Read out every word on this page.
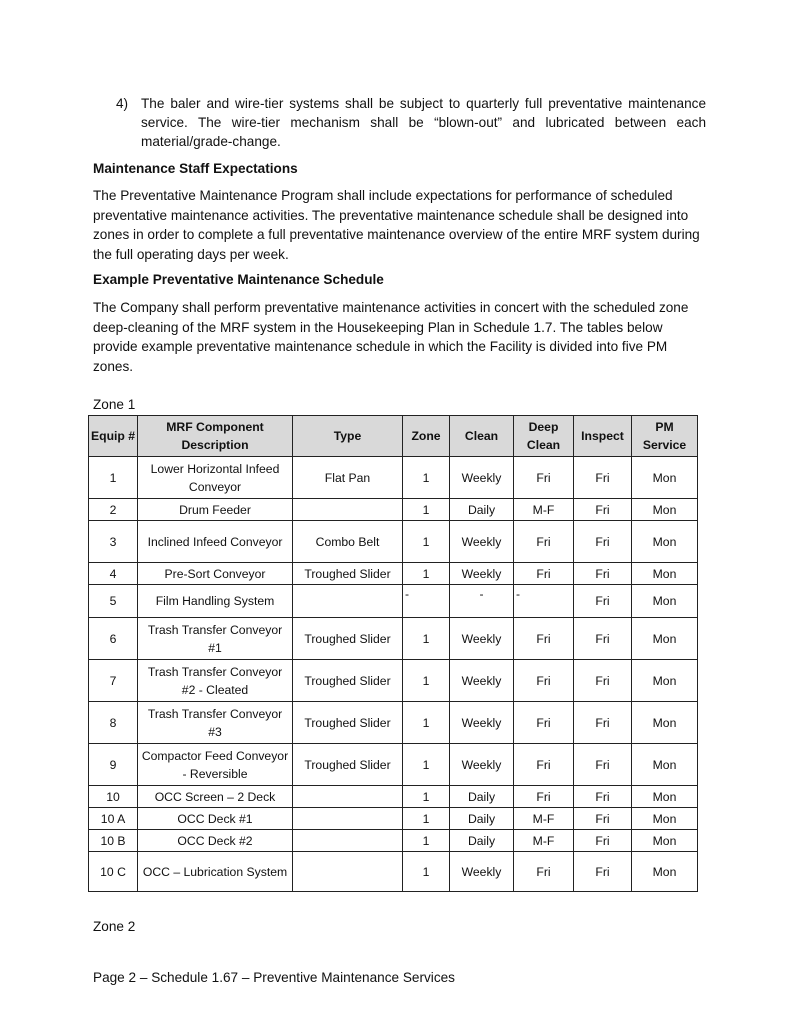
4) The baler and wire-tier systems shall be subject to quarterly full preventative maintenance service. The wire-tier mechanism shall be “blown-out” and lubricated between each material/grade-change.
Maintenance Staff Expectations
The Preventative Maintenance Program shall include expectations for performance of scheduled preventative maintenance activities. The preventative maintenance schedule shall be designed into zones in order to complete a full preventative maintenance overview of the entire MRF system during the full operating days per week.
Example Preventative Maintenance Schedule
The Company shall perform preventative maintenance activities in concert with the scheduled zone deep-cleaning of the MRF system in the Housekeeping Plan in Schedule 1.7. The tables below provide example preventative maintenance schedule in which the Facility is divided into five PM zones.
Zone 1
Equip #	MRF Component Description	Type	Zone	Clean	Deep Clean	Inspect	PM Service
1	Lower Horizontal Infeed Conveyor	Flat Pan	1	Weekly	Fri	Fri	Mon
2	Drum Feeder		1	Daily	M-F	Fri	Mon
3	Inclined Infeed Conveyor	Combo Belt	1	Weekly	Fri	Fri	Mon
4	Pre-Sort Conveyor	Troughed Slider	1	Weekly	Fri	Fri	Mon
5	Film Handling System		-	-	-	Fri	Mon
6	Trash Transfer Conveyor #1	Troughed Slider	1	Weekly	Fri	Fri	Mon
7	Trash Transfer Conveyor #2 - Cleated	Troughed Slider	1	Weekly	Fri	Fri	Mon
8	Trash Transfer Conveyor #3	Troughed Slider	1	Weekly	Fri	Fri	Mon
9	Compactor Feed Conveyor - Reversible	Troughed Slider	1	Weekly	Fri	Fri	Mon
10	OCC Screen – 2 Deck		1	Daily	Fri	Fri	Mon
10 A	OCC Deck #1		1	Daily	M-F	Fri	Mon
10 B	OCC Deck #2		1	Daily	M-F	Fri	Mon
10 C	OCC – Lubrication System		1	Weekly	Fri	Fri	Mon
Zone 2
Page 2 – Schedule 1.67 – Preventive Maintenance Services
